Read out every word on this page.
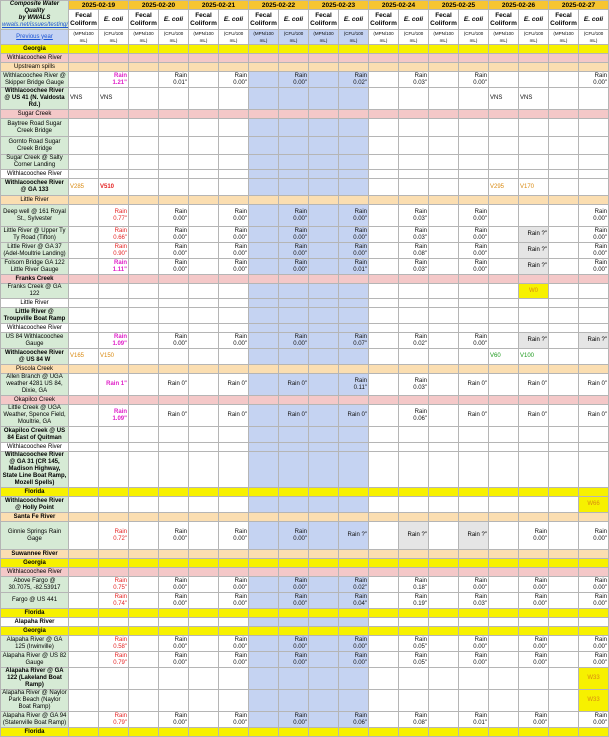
Composite Water Quality
by WWALS
wwals.net/issues/testing/	2025-02-19		2025-02-20		2025-02-21		2025-02-22		2025-02-23		2025-02-24		2025-02-25		2025-02-26		2025-02-27	
	Fecal Coliform	E. coli	Fecal Coliform	E. coli	Fecal Coliform	E. coli	Fecal Coliform	E. coli	Fecal Coliform	E. coli	Fecal Coliform	E. coli	Fecal Coliform	E. coli	Fecal Coliform	E. coli	Fecal Coliform	E. coli
Previous year	(MPN/100 mL)	(CFU/100 mL)	(MPN/100 mL)	(CFU/100 mL)	(MPN/100 mL)	(CFU/100 mL)	(MPN/100 mL)	(CFU/100 mL)	(MPN/100 mL)	(CFU/100 mL)	(MPN/100 mL)	(CFU/100 mL)	(MPN/100 mL)	(CFU/100 mL)	(MPN/100 mL)	(CFU/100 mL)	(MPN/100 mL)	(CFU/100 mL)
Georgia																		
Withlacoochee River																		
Upstream spills																		
Withlacoochee River @ Skipper Bridge Gauge		Rain 1.21"		Rain 0.01"		Rain 0.00"		Rain 0.00"		Rain 0.02"		Rain 0.03"		Rain 0.00"				Rain 0.00"
Withlacoochee River @ US 41 (N. Valdosta Rd.)	VNS	VNS													VNS	VNS		
Sugar Creek																		
Baytree Road Sugar Creek Bridge																		
Gornto Road Sugar Creek Bridge																		
Sugar Creek @ Salty Corner Landing																		
Withlacoochee River																		
Withlacoochee River @ GA 133	V285	V510													V295	V170		
Little River																		
Deep well @ 161 Royal St., Sylvester		Rain 0.77"		Rain 0.00"		Rain 0.00"		Rain 0.00"		Rain 0.00"		Rain 0.03"		Rain 0.00"				Rain 0.00"
Little River @ Upper Ty Ty Road (Tifton)		Rain 0.66"		Rain 0.00"		Rain 0.00"		Rain 0.00"		Rain 0.00"		Rain 0.03"		Rain 0.00"		Rain ?"		Rain 0.00"
Little River @ GA 37 (Adel-Moultrie Landing)		Rain 0.90"		Rain 0.00"		Rain 0.00"		Rain 0.00"		Rain 0.00"		Rain 0.08"		Rain 0.00"		Rain ?"		Rain 0.00"
Folsom Bridge GA 122 Little River Gauge		Rain 1.11"		Rain 0.00"		Rain 0.00"		Rain 0.00"		Rain 0.01"		Rain 0.03"		Rain 0.00"		Rain ?"		Rain 0.00"
Franks Creek																		
Franks Creek @ GA 122																W0		
Little River																		
Little River @ Troupville Boat Ramp																		
Withlacoochee River																		
US 84 Withlacoochee Gauge		Rain 1.09"		Rain 0.00"		Rain 0.00"		Rain 0.00"		Rain 0.07"		Rain 0.02"		Rain 0.00"		Rain ?"		Rain ?"
Withlacoochee River @ US 84 W	V165	V150													V60	V100		
Piscola Creek																		
Allen Branch @ UGA weather 4281 US 84, Dixie, GA		Rain 1"		Rain 0"		Rain 0"		Rain 0"		Rain 0.11"		Rain 0.03"		Rain 0"		Rain 0"		Rain 0"
Okapilco Creek																		
Little Creek @ UGA Weather, Spence Field, Moultrie, GA		Rain 1.09"		Rain 0"		Rain 0"		Rain 0"		Rain 0"		Rain 0.06"		Rain 0"		Rain 0"		Rain 0"
Okapilco Creek @ US 84 East of Quitman																		
Withlacoochee River																		
Withlacoochee River @ GA 31 (CR 145, Madison Highway, State Line Boat Ramp, Mozell Spells)																		
Florida																		
Withlacoochee River @ Holly Point																		W66
Santa Fe River																		
Ginnie Springs Rain Gage		Rain 0.72"		Rain 0.00"		Rain 0.00"		Rain 0.00"		Rain ?"		Rain ?"		Rain ?"		Rain 0.00"		Rain 0.00"
Suwannee River																		
Georgia																		
Withlacoochee River																		
Above Fargo @ 30.7075, -82.53917		Rain 0.75"		Rain 0.00"		Rain 0.00"		Rain 0.00"		Rain 0.02"		Rain 0.18"		Rain 0.00"		Rain 0.00"		Rain 0.00"
Fargo @ US 441		Rain 0.74"		Rain 0.00"		Rain 0.00"		Rain 0.00"		Rain 0.04"		Rain 0.19"		Rain 0.03"		Rain 0.00"		Rain 0.00"
Florida																		
Alapaha River																		
Georgia																		
Alapaha River @ GA 125 (Irwinville)		Rain 0.58"		Rain 0.00"		Rain 0.00"		Rain 0.00"		Rain 0.00"		Rain 0.05"		Rain 0.00"		Rain 0.00"		Rain 0.00"
Alapaha River @ US 82 Gauge		Rain 0.79"		Rain 0.00"		Rain 0.00"		Rain 0.00"		Rain 0.00"		Rain 0.05"		Rain 0.00"		Rain 0.00"		Rain 0.00"
Alapaha River @ GA 122 (Lakeland Boat Ramp)																		W33
Alapaha River @ Naylor Park Beach (Naylor Boat Ramp)																		W33
Alapaha River @ GA 94 (Statenville Boat Ramp)		Rain 0.79"		Rain 0.00"		Rain 0.00"		Rain 0.00"		Rain 0.06"		Rain 0.08"		Rain 0.01"		Rain 0.00"		Rain 0.00"
Florida																		
